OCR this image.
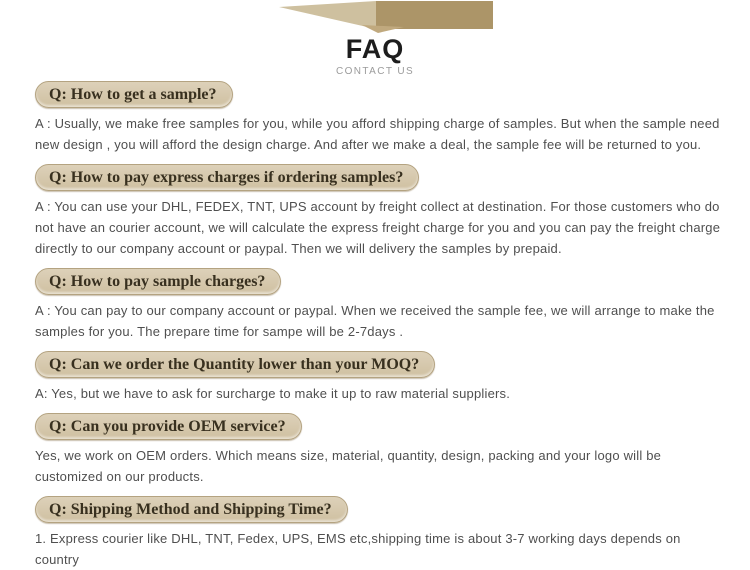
FAQ
CONTACT US
Q: How to get a sample?
A : Usually, we make free samples for you, while you afford shipping charge of samples. But when the sample need new design , you will afford the design charge. And after we make a deal, the sample fee will be returned to you.
Q: How to pay express charges if ordering samples?
A : You can use your DHL, FEDEX, TNT, UPS account by freight collect at destination. For those customers who do not have an courier account, we will calculate the express freight charge for you and you can pay the freight charge directly to our company account or paypal. Then we will delivery the samples by prepaid.
Q: How to pay sample charges?
A : You can pay to our company account or paypal. When we received the sample fee, we will arrange to make the samples for you. The prepare time for sampe will be 2-7days .
Q: Can we order the Quantity lower than your MOQ?
A: Yes, but we have to ask for surcharge to make it up to raw material suppliers.
Q: Can you provide OEM service?
Yes, we work on OEM orders. Which means size, material, quantity, design, packing and your logo will be customized on our products.
Q: Shipping Method and Shipping Time?
1. Express courier like DHL, TNT, Fedex, UPS, EMS etc,shipping time is about 3-7 working days depends on country
